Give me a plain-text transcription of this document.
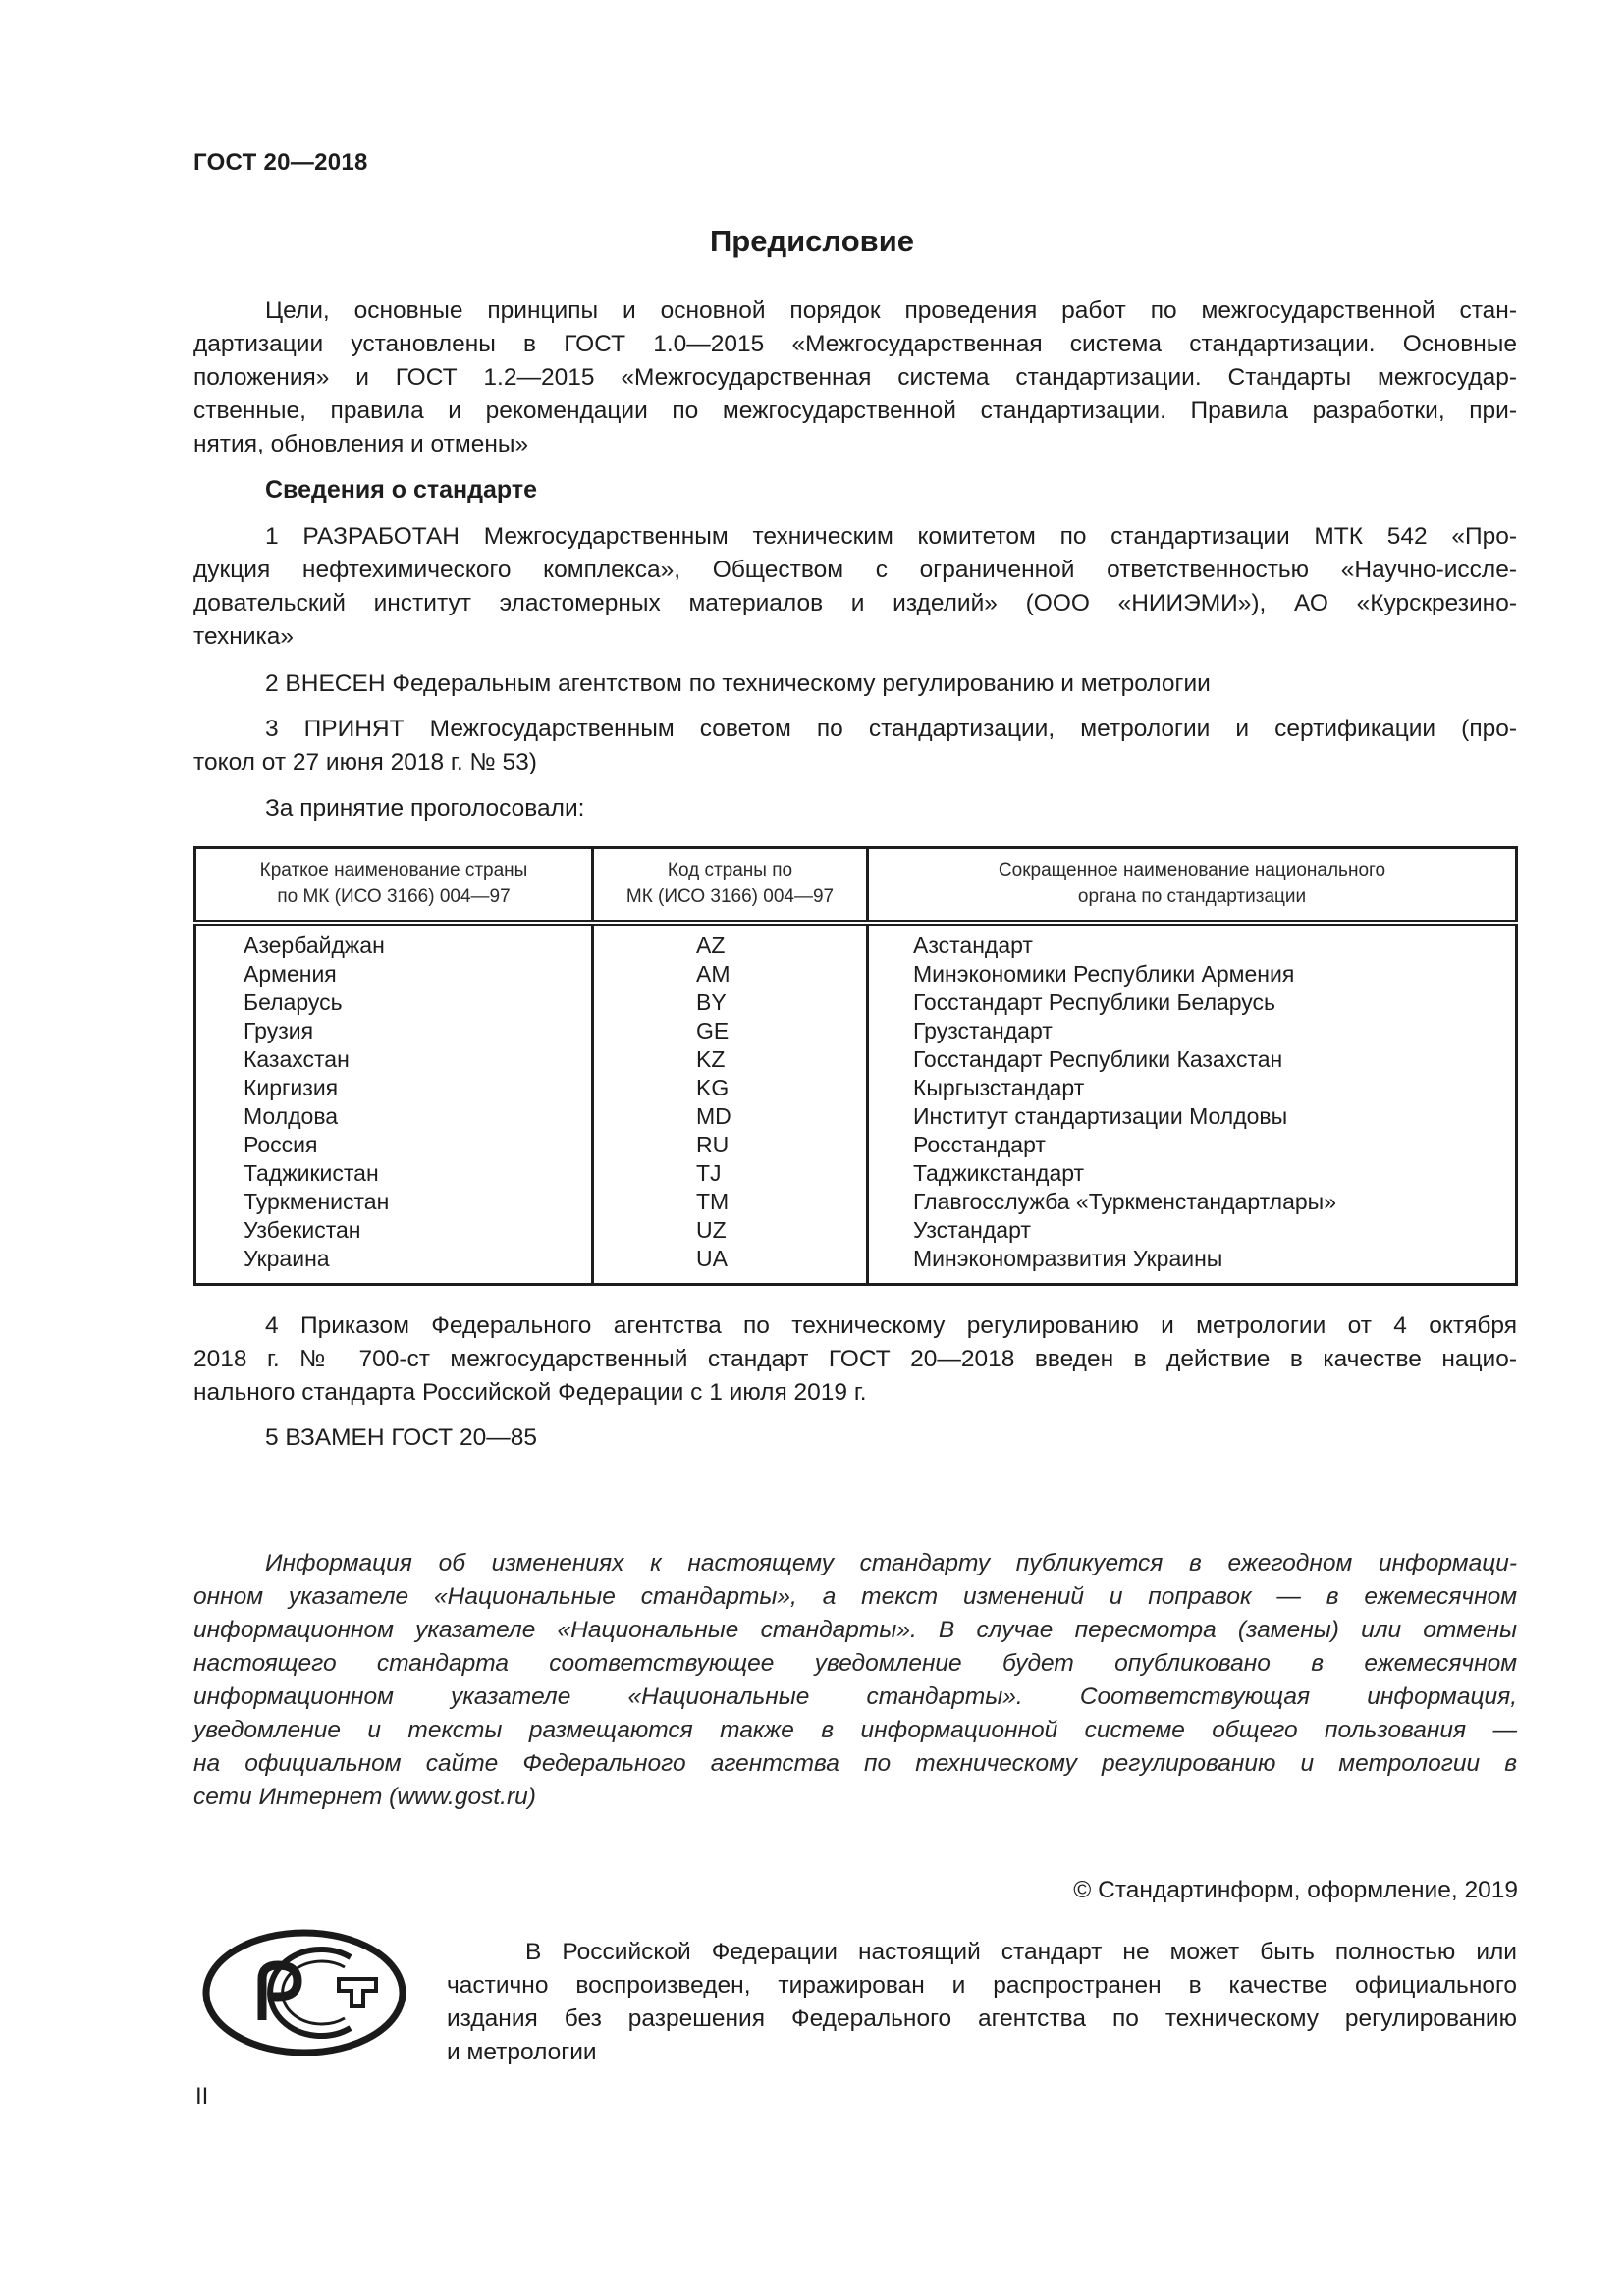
ГОСТ 20—2018
Предисловие
Цели, основные принципы и основной порядок проведения работ по межгосударственной стан-
дартизации установлены в ГОСТ 1.0—2015 «Межгосударственная система стандартизации. Основные
положения» и ГОСТ 1.2—2015 «Межгосударственная система стандартизации. Стандарты межгосудар-
ственные, правила и рекомендации по межгосударственной стандартизации. Правила разработки, при-
нятия, обновления и отмены»
Сведения о стандарте
1 РАЗРАБОТАН Межгосударственным техническим комитетом по стандартизации МТК 542 «Про-
дукция нефтехимического комплекса», Обществом с ограниченной ответственностью «Научно-иссле-
довательский институт эластомерных материалов и изделий» (ООО «НИИЭМИ»), АО «Курскрезино-
техника»
2 ВНЕСЕН Федеральным агентством по техническому регулированию и метрологии
3 ПРИНЯТ Межгосударственным советом по стандартизации, метрологии и сертификации (про-
токол от 27 июня 2018 г. № 53)
За принятие проголосовали:
Краткое наименование страны
по МК (ИСО 3166) 004—97

Код страны по
МК (ИСО 3166) 004—97

Сокращенное наименование национального
органа по стандартизации

Азербайджан	AZ	Азстандарт
Армения	AM	Минэкономики Республики Армения
Беларусь	BY	Госстандарт Республики Беларусь
Грузия	GE	Грузстандарт
Казахстан	KZ	Госстандарт Республики Казахстан
Киргизия	KG	Кыргызстандарт
Молдова	MD	Институт стандартизации Молдовы
Россия	RU	Росстандарт
Таджикистан	TJ	Таджикстандарт
Туркменистан	TM	Главгосслужба «Туркменстандартлары»
Узбекистан	UZ	Узстандарт
Украина	UA	Минэкономразвития Украины
4 Приказом Федерального агентства по техническому регулированию и метрологии от 4 октября
2018 г. № 700-ст межгосударственный стандарт ГОСТ 20—2018 введен в действие в качестве нацио-
нального стандарта Российской Федерации с 1 июля 2019 г.
5 ВЗАМЕН ГОСТ 20—85
Информация об изменениях к настоящему стандарту публикуется в ежегодном информаци-
онном указателе «Национальные стандарты», а текст изменений и поправок — в ежемесячном
информационном указателе «Национальные стандарты». В случае пересмотра (замены) или отмены
настоящего стандарта соответствующее уведомление будет опубликовано в ежемесячном
информационном указателе «Национальные стандарты». Соответствующая информация,
уведомление и тексты размещаются также в информационной системе общего пользования —
на официальном сайте Федерального агентства по техническому регулированию и метрологии в
сети Интернет (www.gost.ru)
© Стандартинформ, оформление, 2019
В Российской Федерации настоящий стандарт не может быть полностью или
частично воспроизведен, тиражирован и распространен в качестве официального
издания без разрешения Федерального агентства по техническому регулированию
и метрологии
II
